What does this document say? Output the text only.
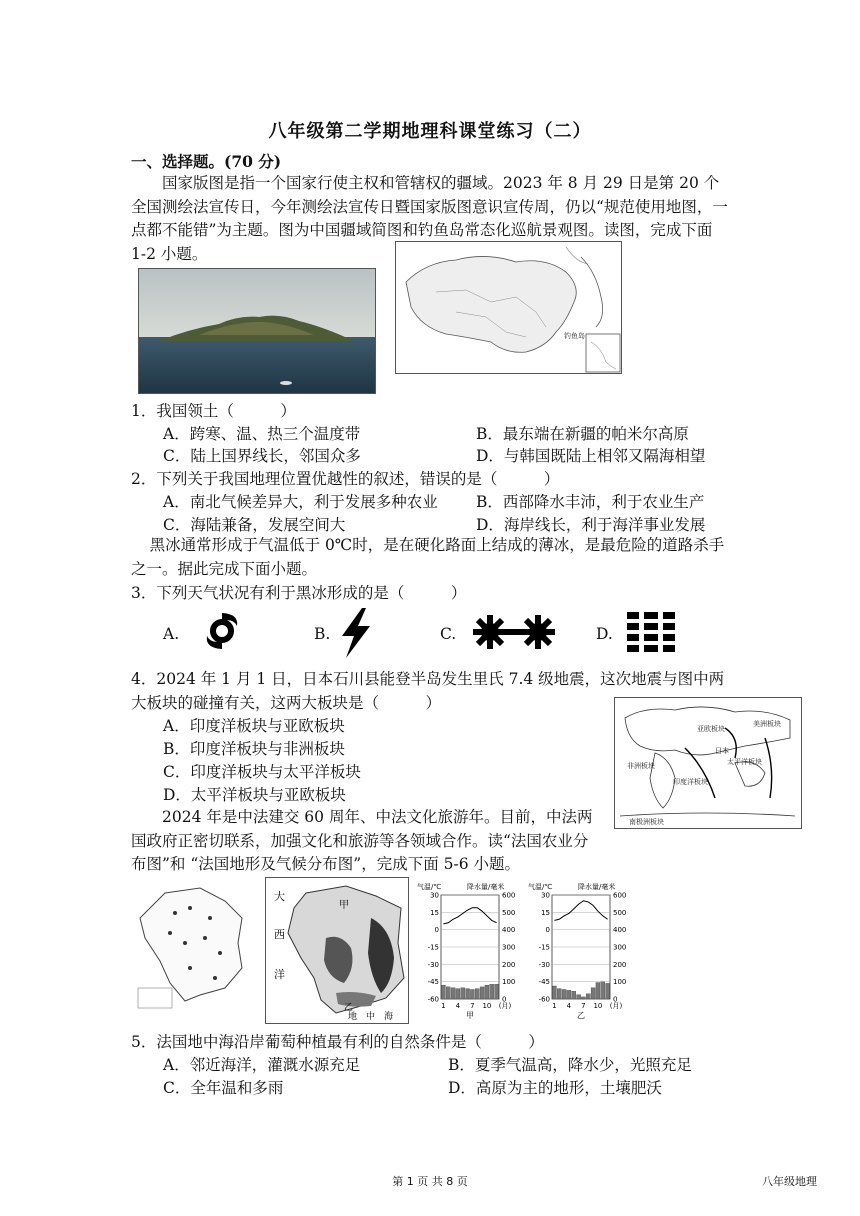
八年级第二学期地理科课堂练习（二）
一、选择题。(70 分)
国家版图是指一个国家行使主权和管辖权的疆域。2023 年 8 月 29 日是第 20 个全国测绘法宣传日，今年测绘法宣传日暨国家版图意识宣传周，仍以“规范使用地图，一点都不能错”为主题。图为中国疆域简图和钓鱼岛常态化巡航景观图。读图，完成下面 1-2 小题。
钓鱼岛
1．我国领土（　　　）
A．跨寒、温、热三个温度带	B．最东端在新疆的帕米尔高原
C．陆上国界线长，邻国众多	D．与韩国既陆上相邻又隔海相望
2．下列关于我国地理位置优越性的叙述，错误的是（　　　）
A．南北气候差异大，利于发展多种农业 B．西部降水丰沛，利于农业生产
C．海陆兼备，发展空间大	D．海岸线长，利于海洋事业发展
黑冰通常形成于气温低于 0℃时，是在硬化路面上结成的薄冰，是最危险的道路杀手之一。据此完成下面小题。
3．下列天气状况有利于黑冰形成的是（　　　）
A.	B.	C.	D.
4．2024 年 1 月 1 日，日本石川县能登半岛发生里氏 7.4 级地震，这次地震与图中两大板块的碰撞有关，这两大板块是（　　　）
A．印度洋板块与亚欧板块
B．印度洋板块与非洲板块
C．印度洋板块与太平洋板块
D．太平洋板块与亚欧板块
亚欧板块
美洲板块
日本
太平洋板块
非洲板块
印度洋板块
南极洲板块
2024 年是中法建交 60 周年、中法文化旅游年。目前，中法两国政府正密切联系，加强文化和旅游等各领域合作。读“法国农业分布图”和 “法国地形及气候分布图”，完成下面 5-6 小题。
大
西
洋
甲
乙
地　中　海
气温/℃	降水量/毫米
30
15
0
-15
-30
-45
-60
600
500
400
300
200
100
0
1 4 7 10 (月)
甲
气温/℃	降水量/毫米
30
15
0
-15
-30
-45
-60
600
500
400
300
200
100
0
1 4 7 10 (月)
乙
5．法国地中海沿岸葡萄种植最有利的自然条件是（　　　）
A．邻近海洋，灌溉水源充足	B．夏季气温高，降水少，光照充足
C．全年温和多雨	D．高原为主的地形，土壤肥沃
第 1 页 共 8 页	八年级地理
